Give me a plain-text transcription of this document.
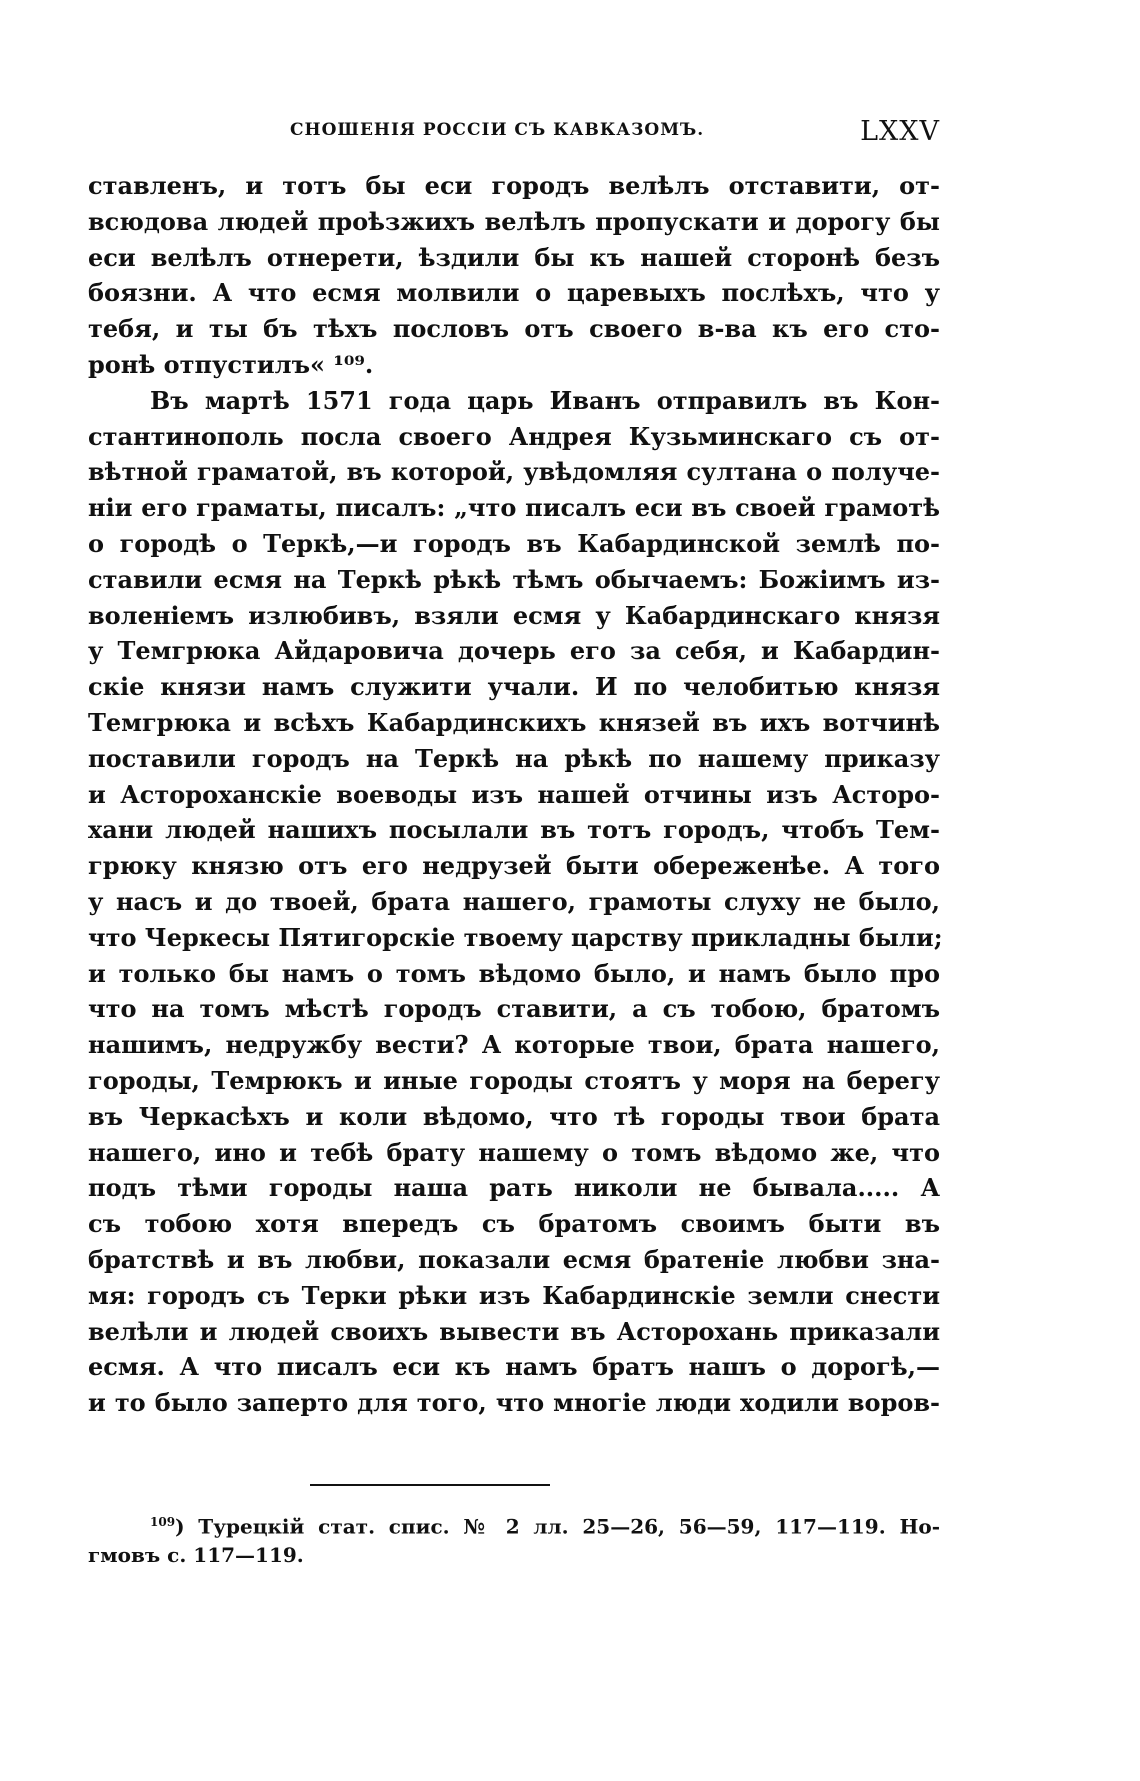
СНОШЕНІЯ РОССІИ СЪ КАВКАЗОМЪ.	LXXV
ставленъ, и тотъ бы еси городъ велѣлъ отставити, от-
всюдова людей проѣзжихъ велѣлъ пропускати и дорогу бы
еси велѣлъ отнерети, ѣздили бы къ нашей сторонѣ безъ
боязни. А что есмя молвили о царевыхъ послѣхъ, что у
тебя, и ты бъ тѣхъ пословъ отъ своего в-ва къ его сто-
ронѣ отпустилъ« ¹⁰⁹.
Въ мартѣ 1571 года царь Иванъ отправилъ въ Кон-
стантинополь посла своего Андрея Кузьминскаго съ от-
вѣтной граматой, въ которой, увѣдомляя султана о получе-
ніи его граматы, писалъ: „что писалъ еси въ своей грамотѣ
о городѣ о Теркѣ,—и городъ въ Кабардинской землѣ по-
ставили есмя на Теркѣ рѣкѣ тѣмъ обычаемъ: Божіимъ из-
воленіемъ излюбивъ, взяли есмя у Кабардинскаго князя
у Темгрюка Айдаровича дочерь его за себя, и Кабардин-
скіе князи намъ служити учали. И по челобитью князя
Темгрюка и всѣхъ Кабардинскихъ князей въ ихъ вотчинѣ
поставили городъ на Теркѣ на рѣкѣ по нашему приказу
и Астороханскіе воеводы изъ нашей отчины изъ Асторо-
хани людей нашихъ посылали въ тотъ городъ, чтобъ Тем-
грюку князю отъ его недрузей быти обереженѣе. А того
у насъ и до твоей, брата нашего, грамоты слуху не было,
что Черкесы Пятигорскіе твоему царству прикладны были;
и только бы намъ о томъ вѣдомо было, и намъ было про
что на томъ мѣстѣ городъ ставити, а съ тобою, братомъ
нашимъ, недружбу вести? А которые твои, брата нашего,
городы, Темрюкъ и иные городы стоятъ у моря на берегу
въ Черкасѣхъ и коли вѣдомо, что тѣ городы твои брата
нашего, ино и тебѣ брату нашему о томъ вѣдомо же, что
подъ тѣми городы наша рать николи не бывала..... А
съ тобою хотя впередъ съ братомъ своимъ быти въ
братствѣ и въ любви, показали есмя братеніе любви зна-
мя: городъ съ Терки рѣки изъ Кабардинскіе земли снести
велѣли и людей своихъ вывести въ Асторохань приказали
есмя. А что писалъ еси къ намъ братъ нашъ о дорогѣ,—
и то было заперто для того, что многіе люди ходили воров-
$^{109}$) Турецкій стат. спис. № 2 лл. 25—26, 56—59, 117—119. Но-
гмовъ с. 117—119.
